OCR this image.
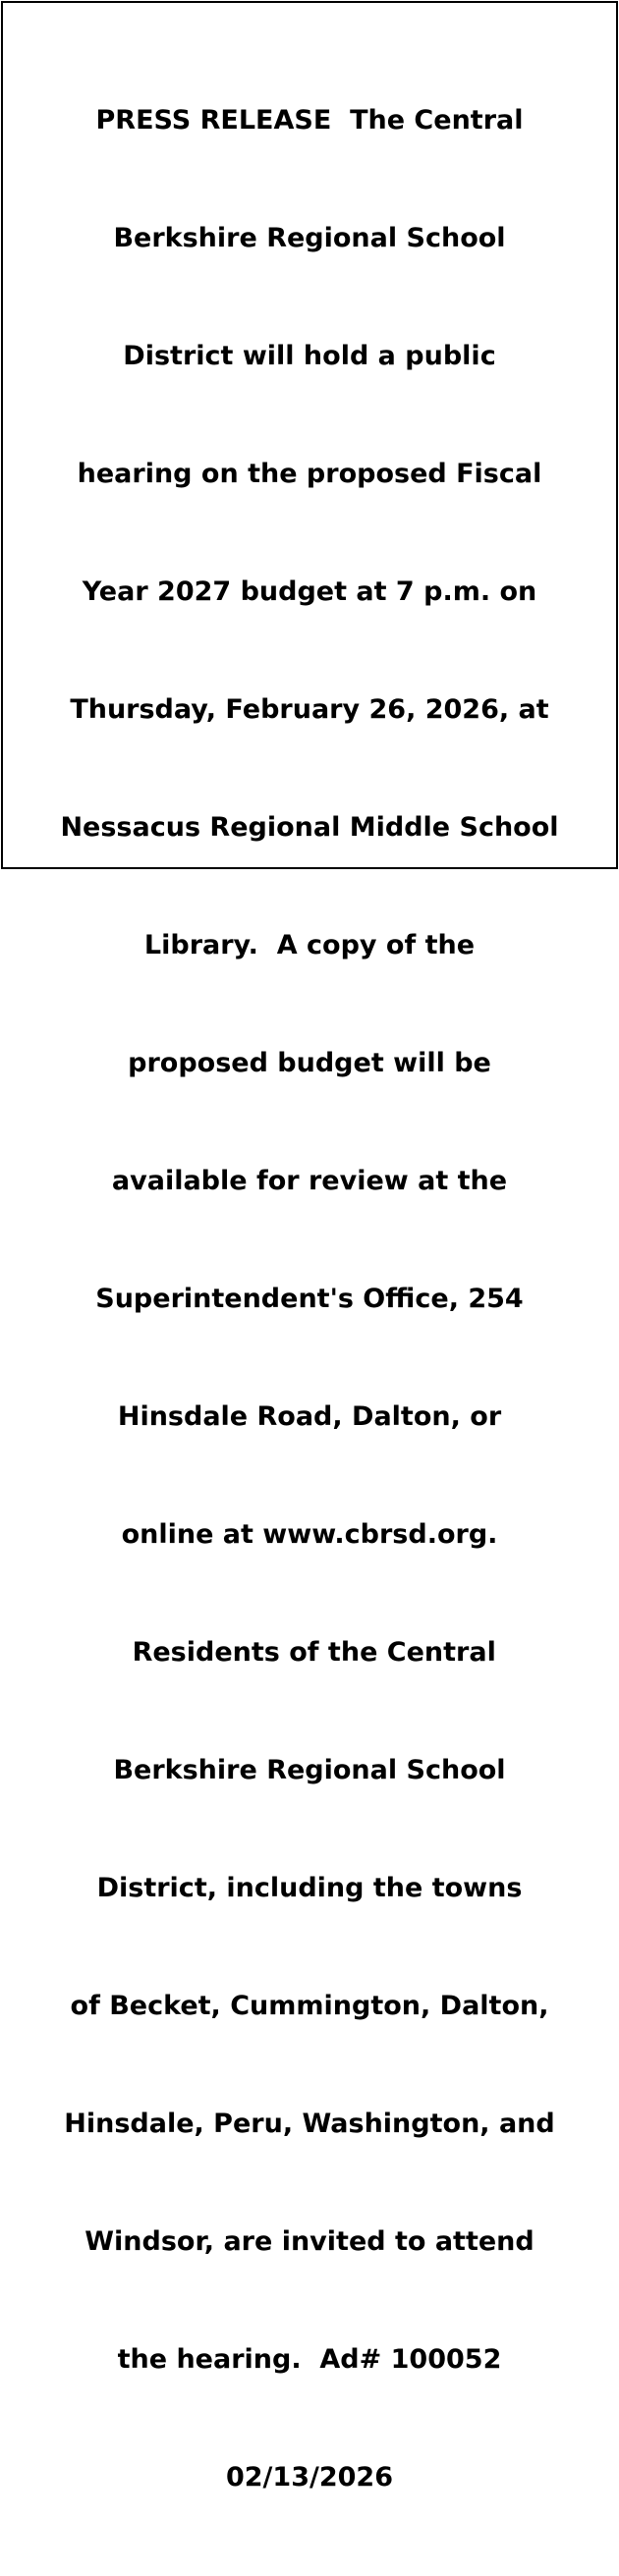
PRESS RELEASE  The Central

Berkshire Regional School

District will hold a public

hearing on the proposed Fiscal

Year 2027 budget at 7 p.m. on

Thursday, February 26, 2026, at

Nessacus Regional Middle School

Library.  A copy of the

proposed budget will be

available for review at the

Superintendent's Office, 254

Hinsdale Road, Dalton, or

online at www.cbrsd.org.

Residents of the Central

Berkshire Regional School

District, including the towns

of Becket, Cummington, Dalton,

Hinsdale, Peru, Washington, and

Windsor, are invited to attend

the hearing.  Ad# 100052

02/13/2026
